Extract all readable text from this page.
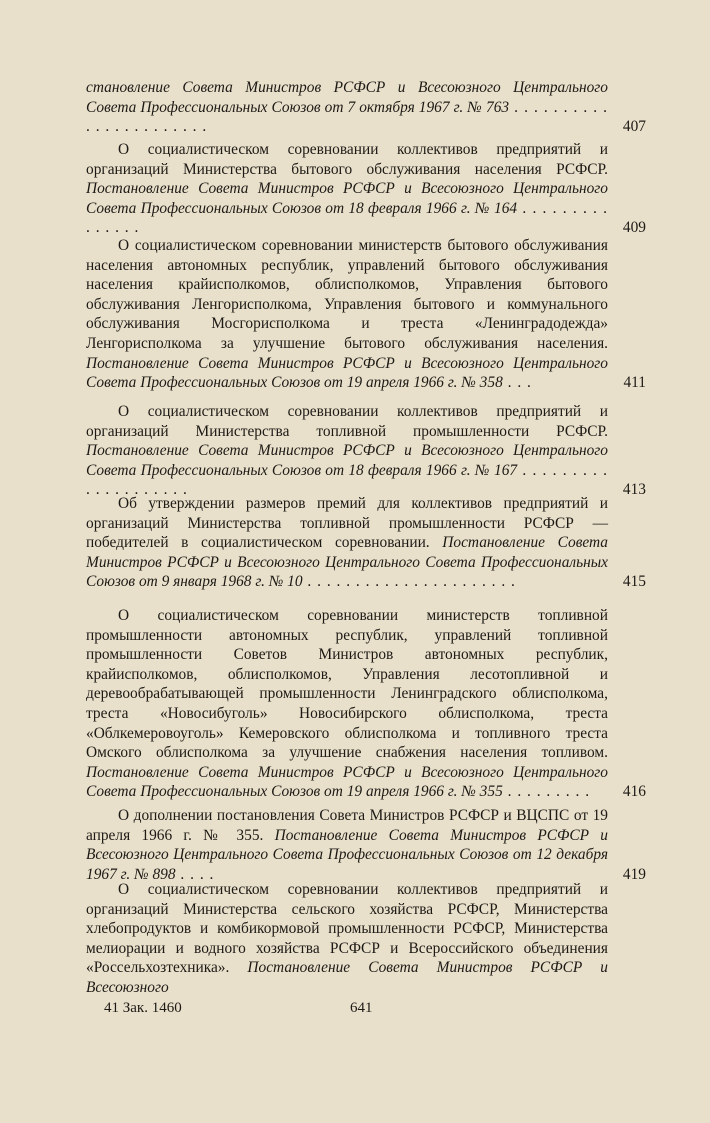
становление Совета Министров РСФСР и Всесоюзного Центрального Совета Профессиональных Союзов от 7 октября 1967 г. № 763 . . . . . . . . . . . . . . . . . . . . . . .	407
О социалистическом соревновании коллективов предприятий и организаций Министерства бытового обслуживания населения РСФСР. Постановление Совета Министров РСФСР и Всесоюзного Центрального Совета Профессиональных Союзов от 18 февраля 1966 г. № 164 . . . . . . . . . . . . . . .	409
О социалистическом соревновании министерств бытового обслуживания населения автономных республик, управлений бытового обслуживания населения крайисполкомов, облисполкомов, Управления бытового обслуживания Ленгорисполкома, Управления бытового и коммунального обслуживания Мосгорисполкома и треста «Ленинградодежда» Ленгорисполкома за улучшение бытового обслуживания населения. Постановление Совета Министров РСФСР и Всесоюзного Центрального Совета Профессиональных Союзов от 19 апреля 1966 г. № 358 . . .	411
О социалистическом соревновании коллективов предприятий и организаций Министерства топливной промышленности РСФСР. Постановление Совета Министров РСФСР и Всесоюзного Центрального Совета Профессиональных Союзов от 18 февраля 1966 г. № 167 . . . . . . . . . . . . . . . . . . . .	413
Об утверждении размеров премий для коллективов предприятий и организаций Министерства топливной промышленности РСФСР — победителей в социалистическом соревновании. Постановление Совета Министров РСФСР и Всесоюзного Центрального Совета Профессиональных Союзов от 9 января 1968 г. № 10 . . . . . . . . . . . . . . . . . . . . . .	415
О социалистическом соревновании министерств топливной промышленности автономных республик, управлений топливной промышленности Советов Министров автономных республик, крайисполкомов, облисполкомов, Управления лесотопливной и деревообрабатывающей промышленности Ленинградского облисполкома, треста «Новосибуголь» Новосибирского облисполкома, треста «Облкемеровоуголь» Кемеровского облисполкома и топливного треста Омского облисполкома за улучшение снабжения населения топливом. Постановление Совета Министров РСФСР и Всесоюзного Центрального Совета Профессиональных Союзов от 19 апреля 1966 г. № 355 . . . . . . . . .	416
О дополнении постановления Совета Министров РСФСР и ВЦСПС от 19 апреля 1966 г. № 355. Постановление Совета Министров РСФСР и Всесоюзного Центрального Совета Профессиональных Союзов от 12 декабря 1967 г. № 898 . . . .	419
О социалистическом соревновании коллективов предприятий и организаций Министерства сельского хозяйства РСФСР, Министерства хлебопродуктов и комбикормовой промышленности РСФСР, Министерства мелиорации и водного хозяйства РСФСР и Всероссийского объединения «Россельхозтехника». Постановление Совета Министров РСФСР и Всесоюзного
41 Зак. 1460	641
